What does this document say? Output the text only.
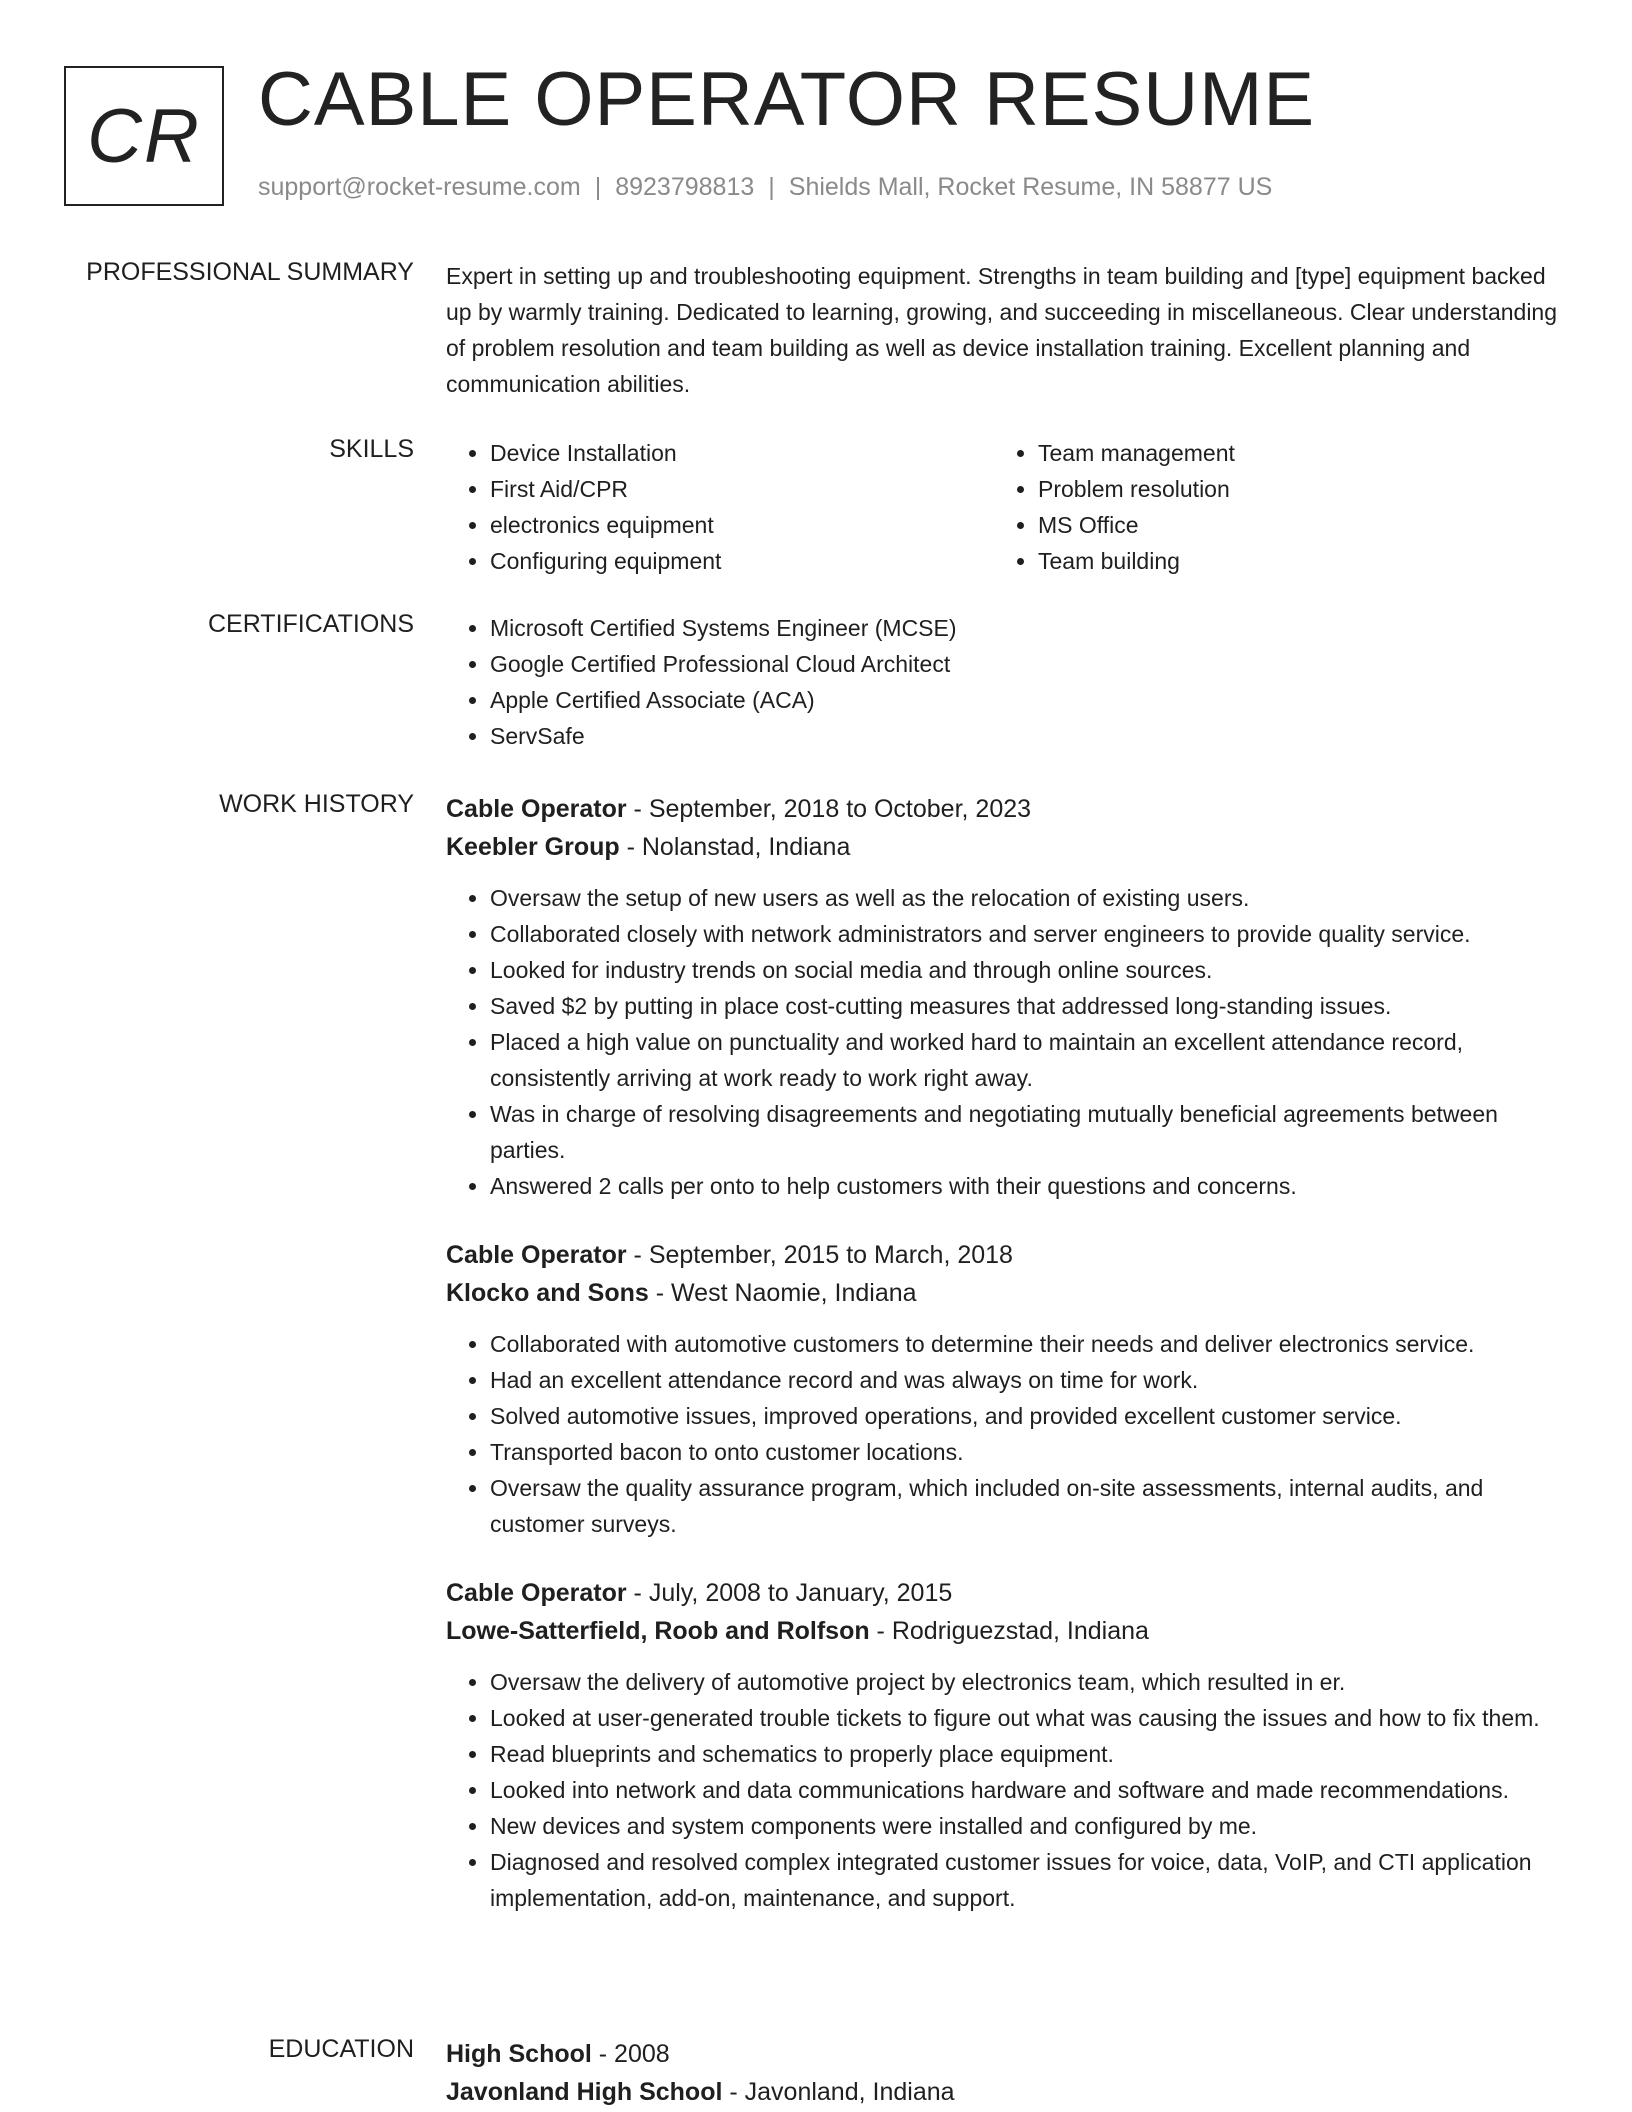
CR CABLE OPERATOR RESUME
support@rocket-resume.com | 8923798813 | Shields Mall, Rocket Resume, IN 58877 US
PROFESSIONAL SUMMARY Expert in setting up and troubleshooting equipment. Strengths in team building and [type] equipment backed up by warmly training. Dedicated to learning, growing, and succeeding in miscellaneous. Clear understanding of problem resolution and team building as well as device installation training. Excellent planning and communication abilities.

SKILLS	• Device Installation
• First Aid/CPR
• electronics equipment
• Configuring equipment
• Team management
• Problem resolution
• MS Office
• Team building
CERTIFICATIONS	• Microsoft Certified Systems Engineer (MCSE)
• Google Certified Professional Cloud Architect
• Apple Certified Associate (ACA)
• ServSafe
WORK HISTORY Cable Operator - September, 2018 to October, 2023
Keebler Group - Nolanstad, Indiana
• Oversaw the setup of new users as well as the relocation of existing users.
• Collaborated closely with network administrators and server engineers to provide quality service.
• Looked for industry trends on social media and through online sources.
• Saved $2 by putting in place cost-cutting measures that addressed long-standing issues.
• Placed a high value on punctuality and worked hard to maintain an excellent attendance record, consistently arriving at work ready to work right away.
• Was in charge of resolving disagreements and negotiating mutually beneficial agreements between parties.
• Answered 2 calls per onto to help customers with their questions and concerns.
Cable Operator - September, 2015 to March, 2018
Klocko and Sons - West Naomie, Indiana
• Collaborated with automotive customers to determine their needs and deliver electronics service.
• Had an excellent attendance record and was always on time for work.
• Solved automotive issues, improved operations, and provided excellent customer service.
• Transported bacon to onto customer locations.
• Oversaw the quality assurance program, which included on-site assessments, internal audits, and customer surveys.
Cable Operator - July, 2008 to January, 2015
Lowe-Satterfield, Roob and Rolfson - Rodriguezstad, Indiana
• Oversaw the delivery of automotive project by electronics team, which resulted in er.
• Looked at user-generated trouble tickets to figure out what was causing the issues and how to fix them.
• Read blueprints and schematics to properly place equipment.
• Looked into network and data communications hardware and software and made recommendations.
• New devices and system components were installed and configured by me.
• Diagnosed and resolved complex integrated customer issues for voice, data, VoIP, and CTI application implementation, add-on, maintenance, and support.
EDUCATION High School - 2008
Javonland High School - Javonland, Indiana
